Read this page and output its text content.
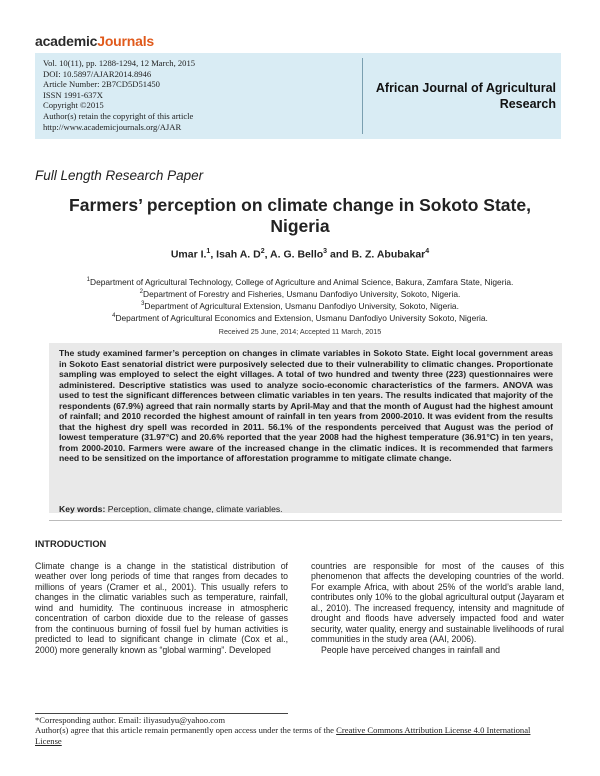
academicJournals
Vol. 10(11), pp. 1288-1294, 12 March, 2015
DOI: 10.5897/AJAR2014.8946
Article Number: 2B7CD5D51450
ISSN 1991-637X
Copyright ©2015
Author(s) retain the copyright of this article
http://www.academicjournals.org/AJAR
African Journal of Agricultural
Research
Full Length Research Paper
Farmers’ perception on climate change in Sokoto State,
Nigeria
Umar I.$^1$, Isah A. $D^2$, A. G. Bello$^3$ and B. Z. Abubakar$^4$
$^1$Department of Agricultural Technology, College of Agriculture and Animal Science, Bakura, Zamfara State, Nigeria.
$^2$Department of Forestry and Fisheries, Usmanu Danfodiyo University, Sokoto, Nigeria.
$^3$Department of Agricultural Extension, Usmanu Danfodiyo University, Sokoto, Nigeria.
$^4$Department of Agricultural Economics and Extension, Usmanu Danfodiyo University Sokoto, Nigeria.
Received 25 June, 2014; Accepted 11 March, 2015
The study examined farmer’s perception on changes in climate variables in Sokoto State. Eight local government areas in Sokoto East senatorial district were purposively selected due to their vulnerability to climatic changes. Proportionate sampling was employed to select the eight villages. A total of two hundred and twenty three (223) questionnaires were administered. Descriptive statistics was used to analyze socio-economic characteristics of the farmers. ANOVA was used to test the significant differences between climatic variables in ten years. The results indicated that majority of the respondents (67.9%) agreed that rain normally starts by April-May and that the month of August had the highest amount of rainfall; and 2010 recorded the highest amount of rainfall in ten years from 2000-2010. It was evident from the results that the highest dry spell was recorded in 2011. 56.1% of the respondents perceived that August was the period of lowest temperature (31.97°C) and 20.6% reported that the year 2008 had the highest temperature (36.91°C) in ten years, from 2000-2010. Farmers were aware of the increased change in the climatic indices. It is recommended that farmers need to be sensitized on the importance of afforestation programme to mitigate climate change.
Key words: Perception, climate change, climate variables.
INTRODUCTION

Climate change is a change in the statistical distribution of weather over long periods of time that ranges from decades to millions of years (Cramer et al., 2001). This usually refers to changes in the climatic variables such as temperature, rainfall, wind and humidity. The continuous increase in atmospheric concentration of carbon dioxide due to the release of gasses from the continuous burning of fossil fuel by human activities is predicted to lead to significant change in climate (Cox et al., 2000) more generally known as “global warming”. Developed

countries are responsible for most of the causes of this phenomenon that affects the developing countries of the world. For example Africa, with about 25% of the world’s arable land, contributes only 10% to the global agricultural output (Jayaram et al., 2010). The increased frequency, intensity and magnitude of drought and floods have adversely impacted food and water security, water quality, energy and sustainable livelihoods of rural communities in the study area (AAI, 2006).

People have perceived changes in rainfall and

*Corresponding author. Email: iliyasudyu@yahoo.com
Author(s) agree that this article remain permanently open access under the terms of the Creative Commons Attribution License 4.0 International License
